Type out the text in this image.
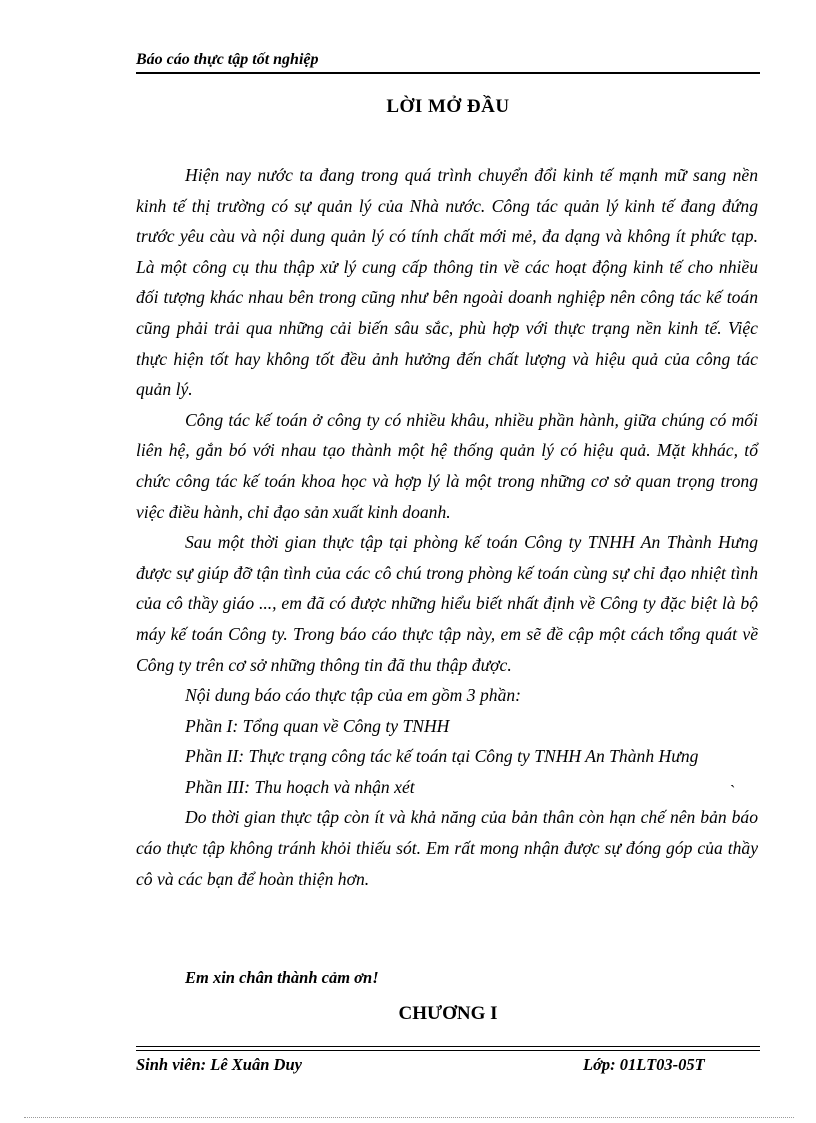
Báo cáo thực tập tốt nghiệp
LỜI MỞ ĐẦU

Hiện nay nước ta đang trong quá trình chuyển đổi kinh tế mạnh mữ sang nền kinh tế thị trường có sự quản lý của Nhà nước. Công tác quản lý kinh tế đang đứng trước yêu càu và nội dung quản lý có tính chất mới mẻ, đa dạng và không ít phức tạp. Là một công cụ thu thập xử lý cung cấp thông tin về các hoạt động kinh tế cho nhiều đối tượng khác nhau bên trong cũng như bên ngoài doanh nghiệp nên công tác kế toán cũng phải trải qua những cải biến sâu sắc, phù hợp với thực trạng nền kinh tế. Việc thực hiện tốt hay không tốt đều ảnh hưởng đến chất lượng và hiệu quả của công tác quản lý.

Công tác kế toán ở công ty có nhiều khâu, nhiều phần hành, giữa chúng có mối liên hệ, gắn bó với nhau tạo thành một hệ thống quản lý có hiệu quả. Mặt khhác, tổ chức công tác kế toán khoa học và hợp lý là một trong những cơ sở quan trọng trong việc điều hành, chỉ đạo sản xuất kinh doanh.

Sau một thời gian thực tập tại phòng kế toán Công ty TNHH An Thành Hưng được sự giúp đỡ tận tình của các cô chú trong phòng kế toán cùng sự chỉ đạo nhiệt tình của cô thầy giáo ..., em đã có được những hiểu biết nhất định về Công ty đặc biệt là bộ máy kế toán Công ty. Trong báo cáo thực tập này, em sẽ đề cập một cách tổng quát về Công ty trên cơ sở những thông tin đã thu thập được.

Nội dung báo cáo thực tập của em gồm 3 phần:

Phần I: Tổng quan về Công ty TNHH

Phần II: Thực trạng công tác kế toán tại Công ty TNHH An Thành Hưng

Phần III: Thu hoạch và nhận xét

Do thời gian thực tập còn ít và khả năng của bản thân còn hạn chế nên bản báo cáo thực tập không tránh khỏi thiếu sót. Em rất mong nhận được sự đóng góp của thầy cô và các bạn để hoàn thiện hơn.

`
Em xin chân thành cảm ơn!
CHƯƠNG I
Sinh viên: Lê Xuân Duy	Lớp: 01LT03-05T
